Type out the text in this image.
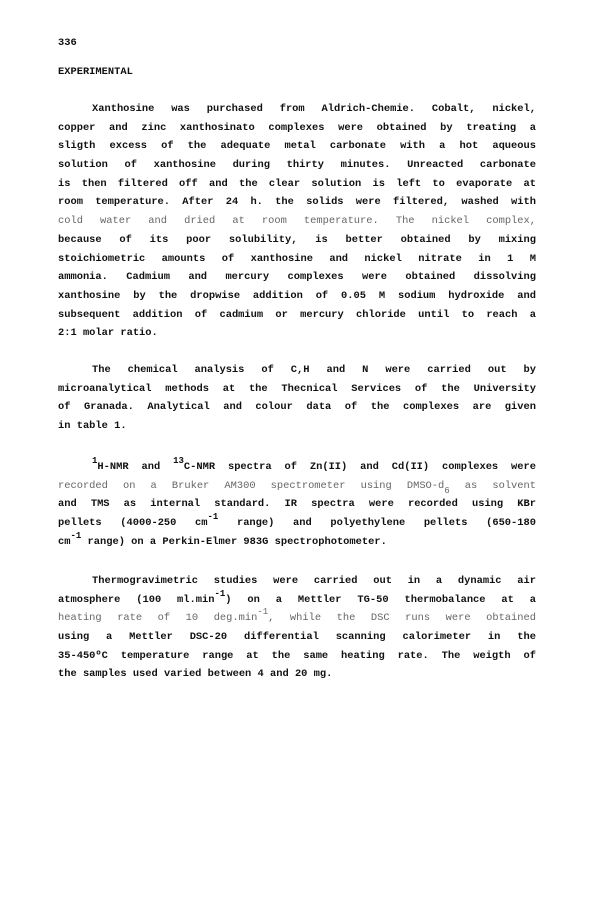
336
EXPERIMENTAL
Xanthosine was purchased from Aldrich-Chemie. Cobalt, nickel,
copper and zinc xanthosinato complexes were obtained by treating a
sligth excess of the adequate metal carbonate with a hot aqueous
solution of xanthosine during thirty minutes. Unreacted carbonate
is then filtered off and the clear solution is left to evaporate at
room temperature. After 24 h. the solids were filtered, washed with
cold water and dried at room temperature. The nickel complex,
because of its poor solubility, is better obtained by mixing
stoichiometric amounts of xanthosine and nickel nitrate in 1 M
ammonia. Cadmium and mercury complexes were obtained dissolving
xanthosine by the dropwise addition of 0.05 M sodium hydroxide and
subsequent addition of cadmium or mercury chloride until to reach a
2:1 molar ratio.
The chemical analysis of C,H and N were carried out by
microanalytical methods at the Thecnical Services of the University
of Granada. Analytical and colour data of the complexes are given
in table 1.
$^1$H-NMR and $^{13}$C-NMR spectra of Zn(II) and Cd(II) complexes were
recorded on a Bruker AM300 spectrometer using DMSO-$d_6$ as solvent
and TMS as internal standard. IR spectra were recorded using KBr
pellets (4000-250 $cm^{-1}$ range) and polyethylene pellets (650-180
$cm^{-1}$ range) on a Perkin-Elmer 983G spectrophotometer.
Thermogravimetric studies were carried out in a dynamic air
atmosphere (100 $ml.\min^{-1}$) on a Mettler TG-50 thermobalance at a
heating rate of 10 $deg.\min^{-1}$, while the DSC runs were obtained
using a Mettler DSC-20 differential scanning calorimeter in the
35-450ºC temperature range at the same heating rate. The weigth of
the samples used varied between 4 and 20 mg.
